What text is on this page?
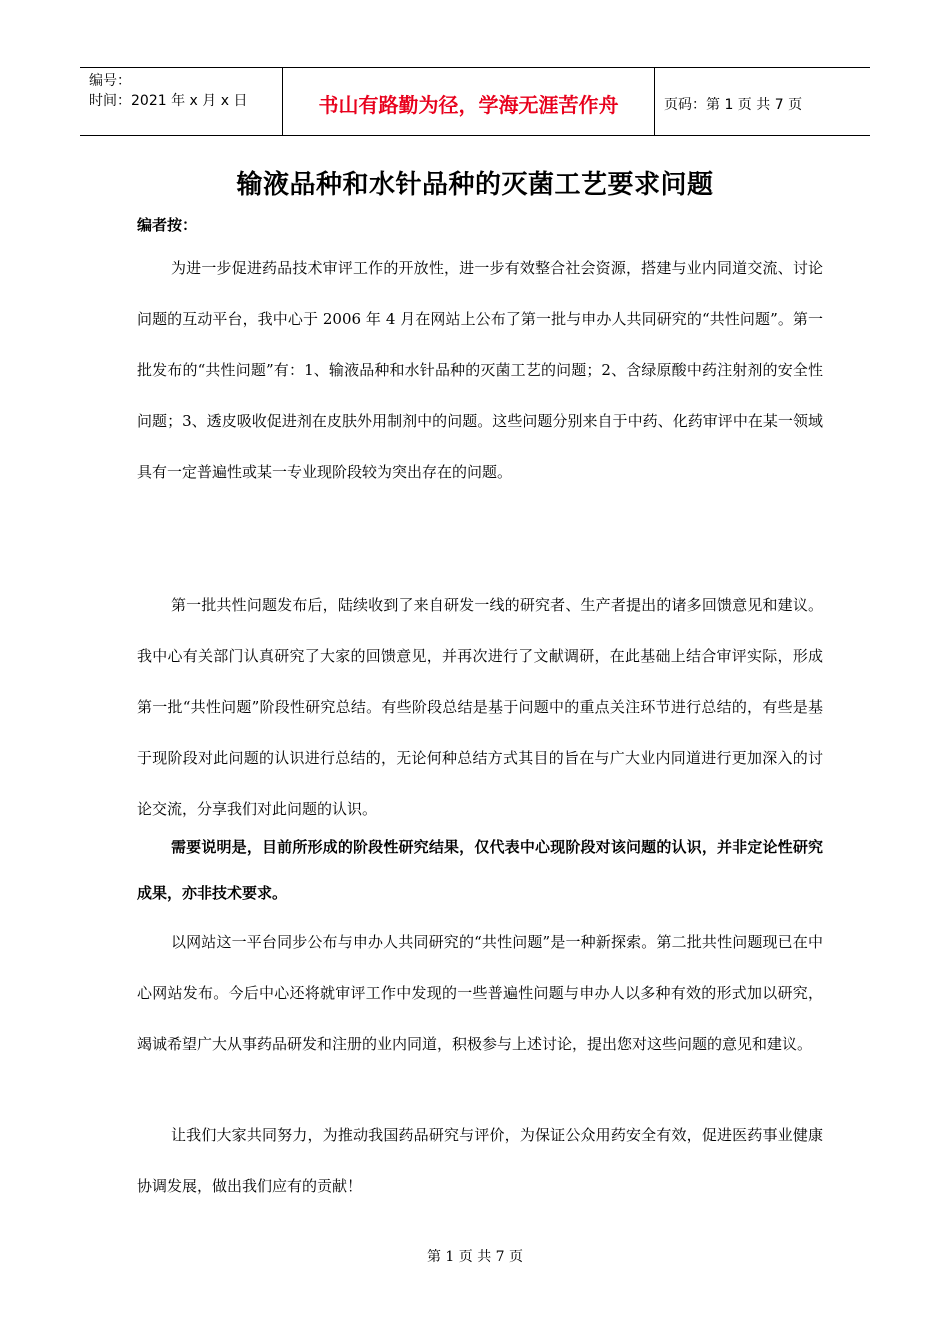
编号：
时间：2021 年 x 月 x 日	书山有路勤为径，学海无涯苦作舟	页码：第 1 页 共 7 页
输液品种和水针品种的灭菌工艺要求问题
编者按：

为进一步促进药品技术审评工作的开放性，进一步有效整合社会资源，搭建与业内同道交流、讨论问题的互动平台，我中心于 2006 年 4 月在网站上公布了第一批与申办人共同研究的“共性问题”。第一批发布的“共性问题”有：1、输液品种和水针品种的灭菌工艺的问题；2、含绿原酸中药注射剂的安全性问题；3、透皮吸收促进剂在皮肤外用制剂中的问题。这些问题分别来自于中药、化药审评中在某一领域具有一定普遍性或某一专业现阶段较为突出存在的问题。

第一批共性问题发布后，陆续收到了来自研发一线的研究者、生产者提出的诸多回馈意见和建议。我中心有关部门认真研究了大家的回馈意见，并再次进行了文献调研，在此基础上结合审评实际，形成第一批“共性问题”阶段性研究总结。有些阶段总结是基于问题中的重点关注环节进行总结的，有些是基于现阶段对此问题的认识进行总结的，无论何种总结方式其目的旨在与广大业内同道进行更加深入的讨论交流，分享我们对此问题的认识。

需要说明是，目前所形成的阶段性研究结果，仅代表中心现阶段对该问题的认识，并非定论性研究成果，亦非技术要求。

以网站这一平台同步公布与申办人共同研究的“共性问题”是一种新探索。第二批共性问题现已在中心网站发布。今后中心还将就审评工作中发现的一些普遍性问题与申办人以多种有效的形式加以研究，竭诚希望广大从事药品研发和注册的业内同道，积极参与上述讨论，提出您对这些问题的意见和建议。

让我们大家共同努力，为推动我国药品研究与评价，为保证公众用药安全有效，促进医药事业健康协调发展，做出我们应有的贡献！

第 1 页 共 7 页
